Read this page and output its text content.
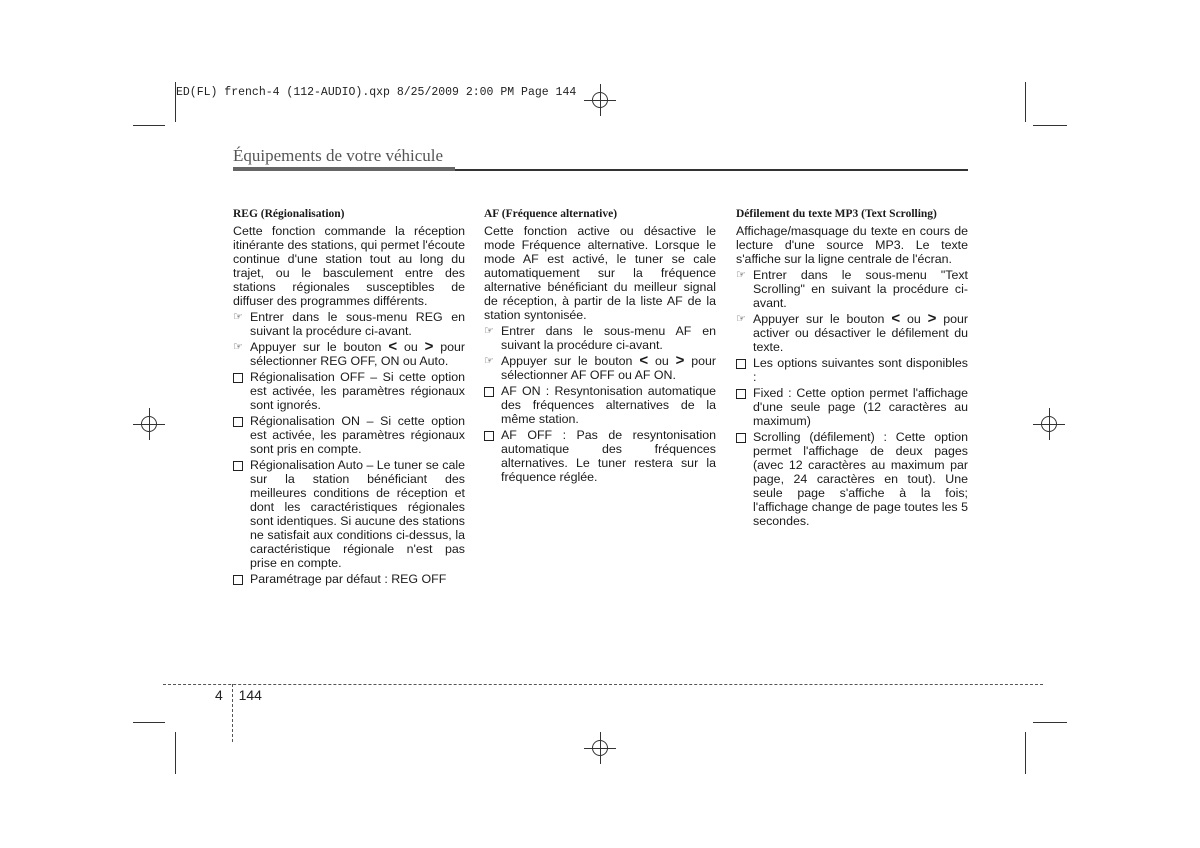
ED(FL) french-4 (112-AUDIO).qxp 8/25/2009 2:00 PM Page 144
Équipements de votre véhicule
REG (Régionalisation)

Cette fonction commande la réception itinérante des stations, qui permet l'écoute continue d'une station tout au long du trajet, ou le basculement entre des stations régionales susceptibles de diffuser des programmes différents.

☞ Entrer dans le sous-menu REG en suivant la procédure ci-avant.
☞ Appuyer sur le bouton < ou > pour sélectionner REG OFF, ON ou Auto.
Régionalisation OFF – Si cette option est activée, les paramètres régionaux sont ignorés.
Régionalisation ON – Si cette option est activée, les paramètres régionaux sont pris en compte.
Régionalisation Auto – Le tuner se cale sur la station bénéficiant des meilleures conditions de réception et dont les caractéristiques régionales sont identiques. Si aucune des stations ne satisfait aux conditions ci-dessus, la caractéristique régionale n'est pas prise en compte.
Paramétrage par défaut : REG OFF
AF (Fréquence alternative)

Cette fonction active ou désactive le mode Fréquence alternative. Lorsque le mode AF est activé, le tuner se cale automatiquement sur la fréquence alternative bénéficiant du meilleur signal de réception, à partir de la liste AF de la station syntonisée.

☞ Entrer dans le sous-menu AF en suivant la procédure ci-avant.
☞ Appuyer sur le bouton < ou > pour sélectionner AF OFF ou AF ON.
AF ON : Resyntonisation automatique des fréquences alternatives de la même station.
AF OFF : Pas de resyntonisation automatique des fréquences alternatives. Le tuner restera sur la fréquence réglée.
Défilement du texte MP3 (Text Scrolling)

Affichage/masquage du texte en cours de lecture d'une source MP3. Le texte s'affiche sur la ligne centrale de l'écran.

☞ Entrer dans le sous-menu "Text Scrolling" en suivant la procédure ci-avant.
☞ Appuyer sur le bouton < ou > pour activer ou désactiver le défilement du texte.
Les options suivantes sont disponibles :
Fixed : Cette option permet l'affichage d'une seule page (12 caractères au maximum)
Scrolling (défilement) : Cette option permet l'affichage de deux pages (avec 12 caractères au maximum par page, 24 caractères en tout). Une seule page s'affiche à la fois; l'affichage change de page toutes les 5 secondes.
4 144
